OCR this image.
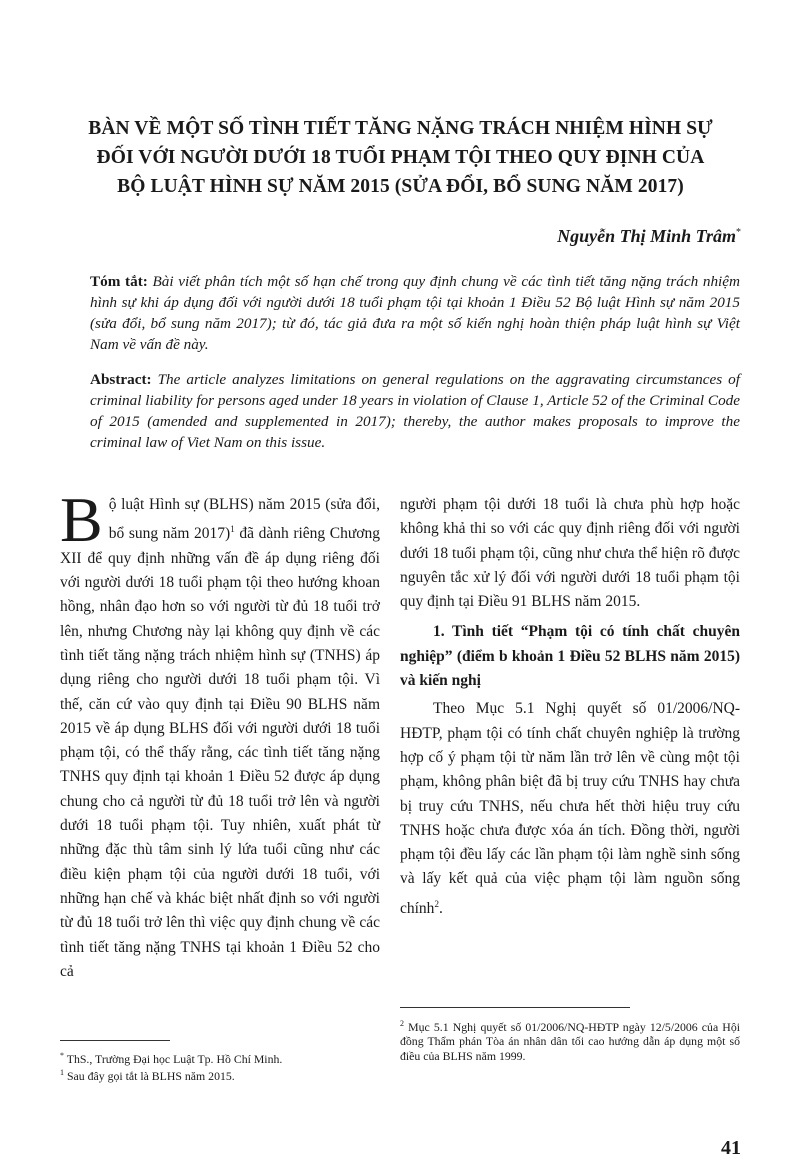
BÀN VỀ MỘT SỐ TÌNH TIẾT TĂNG NẶNG TRÁCH NHIỆM HÌNH SỰ
ĐỐI VỚI NGƯỜI DƯỚI 18 TUỔI PHẠM TỘI THEO QUY ĐỊNH CỦA
BỘ LUẬT HÌNH SỰ NĂM 2015 (SỬA ĐỔI, BỔ SUNG NĂM 2017)
Nguyễn Thị Minh Trâm*
Tóm tắt: Bài viết phân tích một số hạn chế trong quy định chung về các tình tiết tăng nặng trách nhiệm hình sự khi áp dụng đối với người dưới 18 tuổi phạm tội tại khoản 1 Điều 52 Bộ luật Hình sự năm 2015 (sửa đổi, bổ sung năm 2017); từ đó, tác giả đưa ra một số kiến nghị hoàn thiện pháp luật hình sự Việt Nam về vấn đề này.
Abstract: The article analyzes limitations on general regulations on the aggravating circumstances of criminal liability for persons aged under 18 years in violation of Clause 1, Article 52 of the Criminal Code of 2015 (amended and supplemented in 2017); thereby, the author makes proposals to improve the criminal law of Viet Nam on this issue.

Bộ luật Hình sự (BLHS) năm 2015 (sửa đổi, bổ sung năm 2017)$^1$ đã dành riêng Chương XII để quy định những vấn đề áp dụng riêng đối với người dưới 18 tuổi phạm tội theo hướng khoan hồng, nhân đạo hơn so với người từ đủ 18 tuổi trở lên, nhưng Chương này lại không quy định về các tình tiết tăng nặng trách nhiệm hình sự (TNHS) áp dụng riêng cho người dưới 18 tuổi phạm tội. Vì thế, căn cứ vào quy định tại Điều 90 BLHS năm 2015 về áp dụng BLHS đối với người dưới 18 tuổi phạm tội, có thể thấy rằng, các tình tiết tăng nặng TNHS quy định tại khoản 1 Điều 52 được áp dụng chung cho cả người từ đủ 18 tuổi trở lên và người dưới 18 tuổi phạm tội. Tuy nhiên, xuất phát từ những đặc thù tâm sinh lý lứa tuổi cũng như các điều kiện phạm tội của người dưới 18 tuổi, với những hạn chế và khác biệt nhất định so với người từ đủ 18 tuổi trở lên thì việc quy định chung về các tình tiết tăng nặng TNHS tại khoản 1 Điều 52 cho cả

người phạm tội dưới 18 tuổi là chưa phù hợp hoặc không khả thi so với các quy định riêng đối với người dưới 18 tuổi phạm tội, cũng như chưa thể hiện rõ được nguyên tắc xử lý đối với người dưới 18 tuổi phạm tội quy định tại Điều 91 BLHS năm 2015.

1. Tình tiết “Phạm tội có tính chất chuyên nghiệp” (điểm b khoản 1 Điều 52 BLHS năm 2015) và kiến nghị

Theo Mục 5.1 Nghị quyết số 01/2006/NQ-HĐTP, phạm tội có tính chất chuyên nghiệp là trường hợp cố ý phạm tội từ năm lần trở lên về cùng một tội phạm, không phân biệt đã bị truy cứu TNHS hay chưa bị truy cứu TNHS, nếu chưa hết thời hiệu truy cứu TNHS hoặc chưa được xóa án tích. Đồng thời, người phạm tội đều lấy các lần phạm tội làm nghề sinh sống và lấy kết quả của việc phạm tội làm nguồn sống chính$^2$.

* ThS., Trường Đại học Luật Tp. Hồ Chí Minh.
$^1$ Sau đây gọi tắt là BLHS năm 2015.
$^2$ Mục 5.1 Nghị quyết số 01/2006/NQ-HĐTP ngày 12/5/2006 của Hội đồng Thẩm phán Tòa án nhân dân tối cao hướng dẫn áp dụng một số điều của BLHS năm 1999.
41
